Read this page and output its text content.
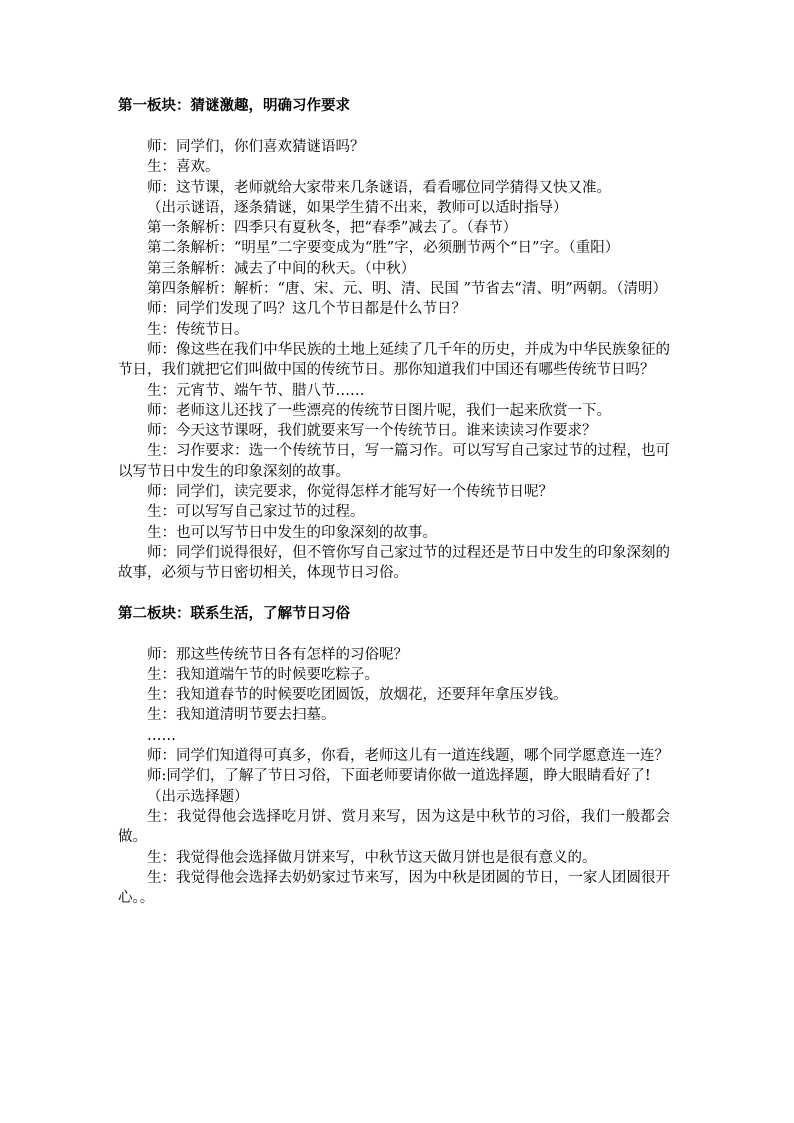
第一板块：猜谜激趣，明确习作要求

师：同学们，你们喜欢猜谜语吗？

生：喜欢。

师：这节课，老师就给大家带来几条谜语，看看哪位同学猜得又快又准。

（出示谜语，逐条猜谜，如果学生猜不出来，教师可以适时指导）

第一条解析：四季只有夏秋冬，把“春季”减去了。（春节）

第二条解析：“明星”二字要变成为“胜”字，必须删节两个“日”字。（重阳）

第三条解析：减去了中间的秋天。（中秋）

第四条解析：解析：“唐、宋、元、明、清、民国 ”节省去“清、明”两朝。（清明）

师：同学们发现了吗？这几个节日都是什么节日？

生：传统节日。

师：像这些在我们中华民族的土地上延续了几千年的历史，并成为中华民族象征的节日，我们就把它们叫做中国的传统节日。那你知道我们中国还有哪些传统节日吗？

生：元宵节、端午节、腊八节……

师：老师这儿还找了一些漂亮的传统节日图片呢，我们一起来欣赏一下。

师：今天这节课呀，我们就要来写一个传统节日。谁来读读习作要求？

生：习作要求：选一个传统节日，写一篇习作。可以写写自己家过节的过程，也可以写节日中发生的印象深刻的故事。

师：同学们，读完要求，你觉得怎样才能写好一个传统节日呢？

生：可以写写自己家过节的过程。

生：也可以写节日中发生的印象深刻的故事。

师：同学们说得很好，但不管你写自己家过节的过程还是节日中发生的印象深刻的故事，必须与节日密切相关，体现节日习俗。

第二板块：联系生活，了解节日习俗

师：那这些传统节日各有怎样的习俗呢？

生：我知道端午节的时候要吃粽子。

生：我知道春节的时候要吃团圆饭，放烟花，还要拜年拿压岁钱。

生：我知道清明节要去扫墓。

……

师：同学们知道得可真多，你看，老师这儿有一道连线题，哪个同学愿意连一连？

师:同学们，了解了节日习俗，下面老师要请你做一道选择题，睁大眼睛看好了!

（出示选择题）

生：我觉得他会选择吃月饼、赏月来写，因为这是中秋节的习俗，我们一般都会做。

生：我觉得他会选择做月饼来写，中秋节这天做月饼也是很有意义的。

生：我觉得他会选择去奶奶家过节来写，因为中秋是团圆的节日，一家人团圆很开心。。
